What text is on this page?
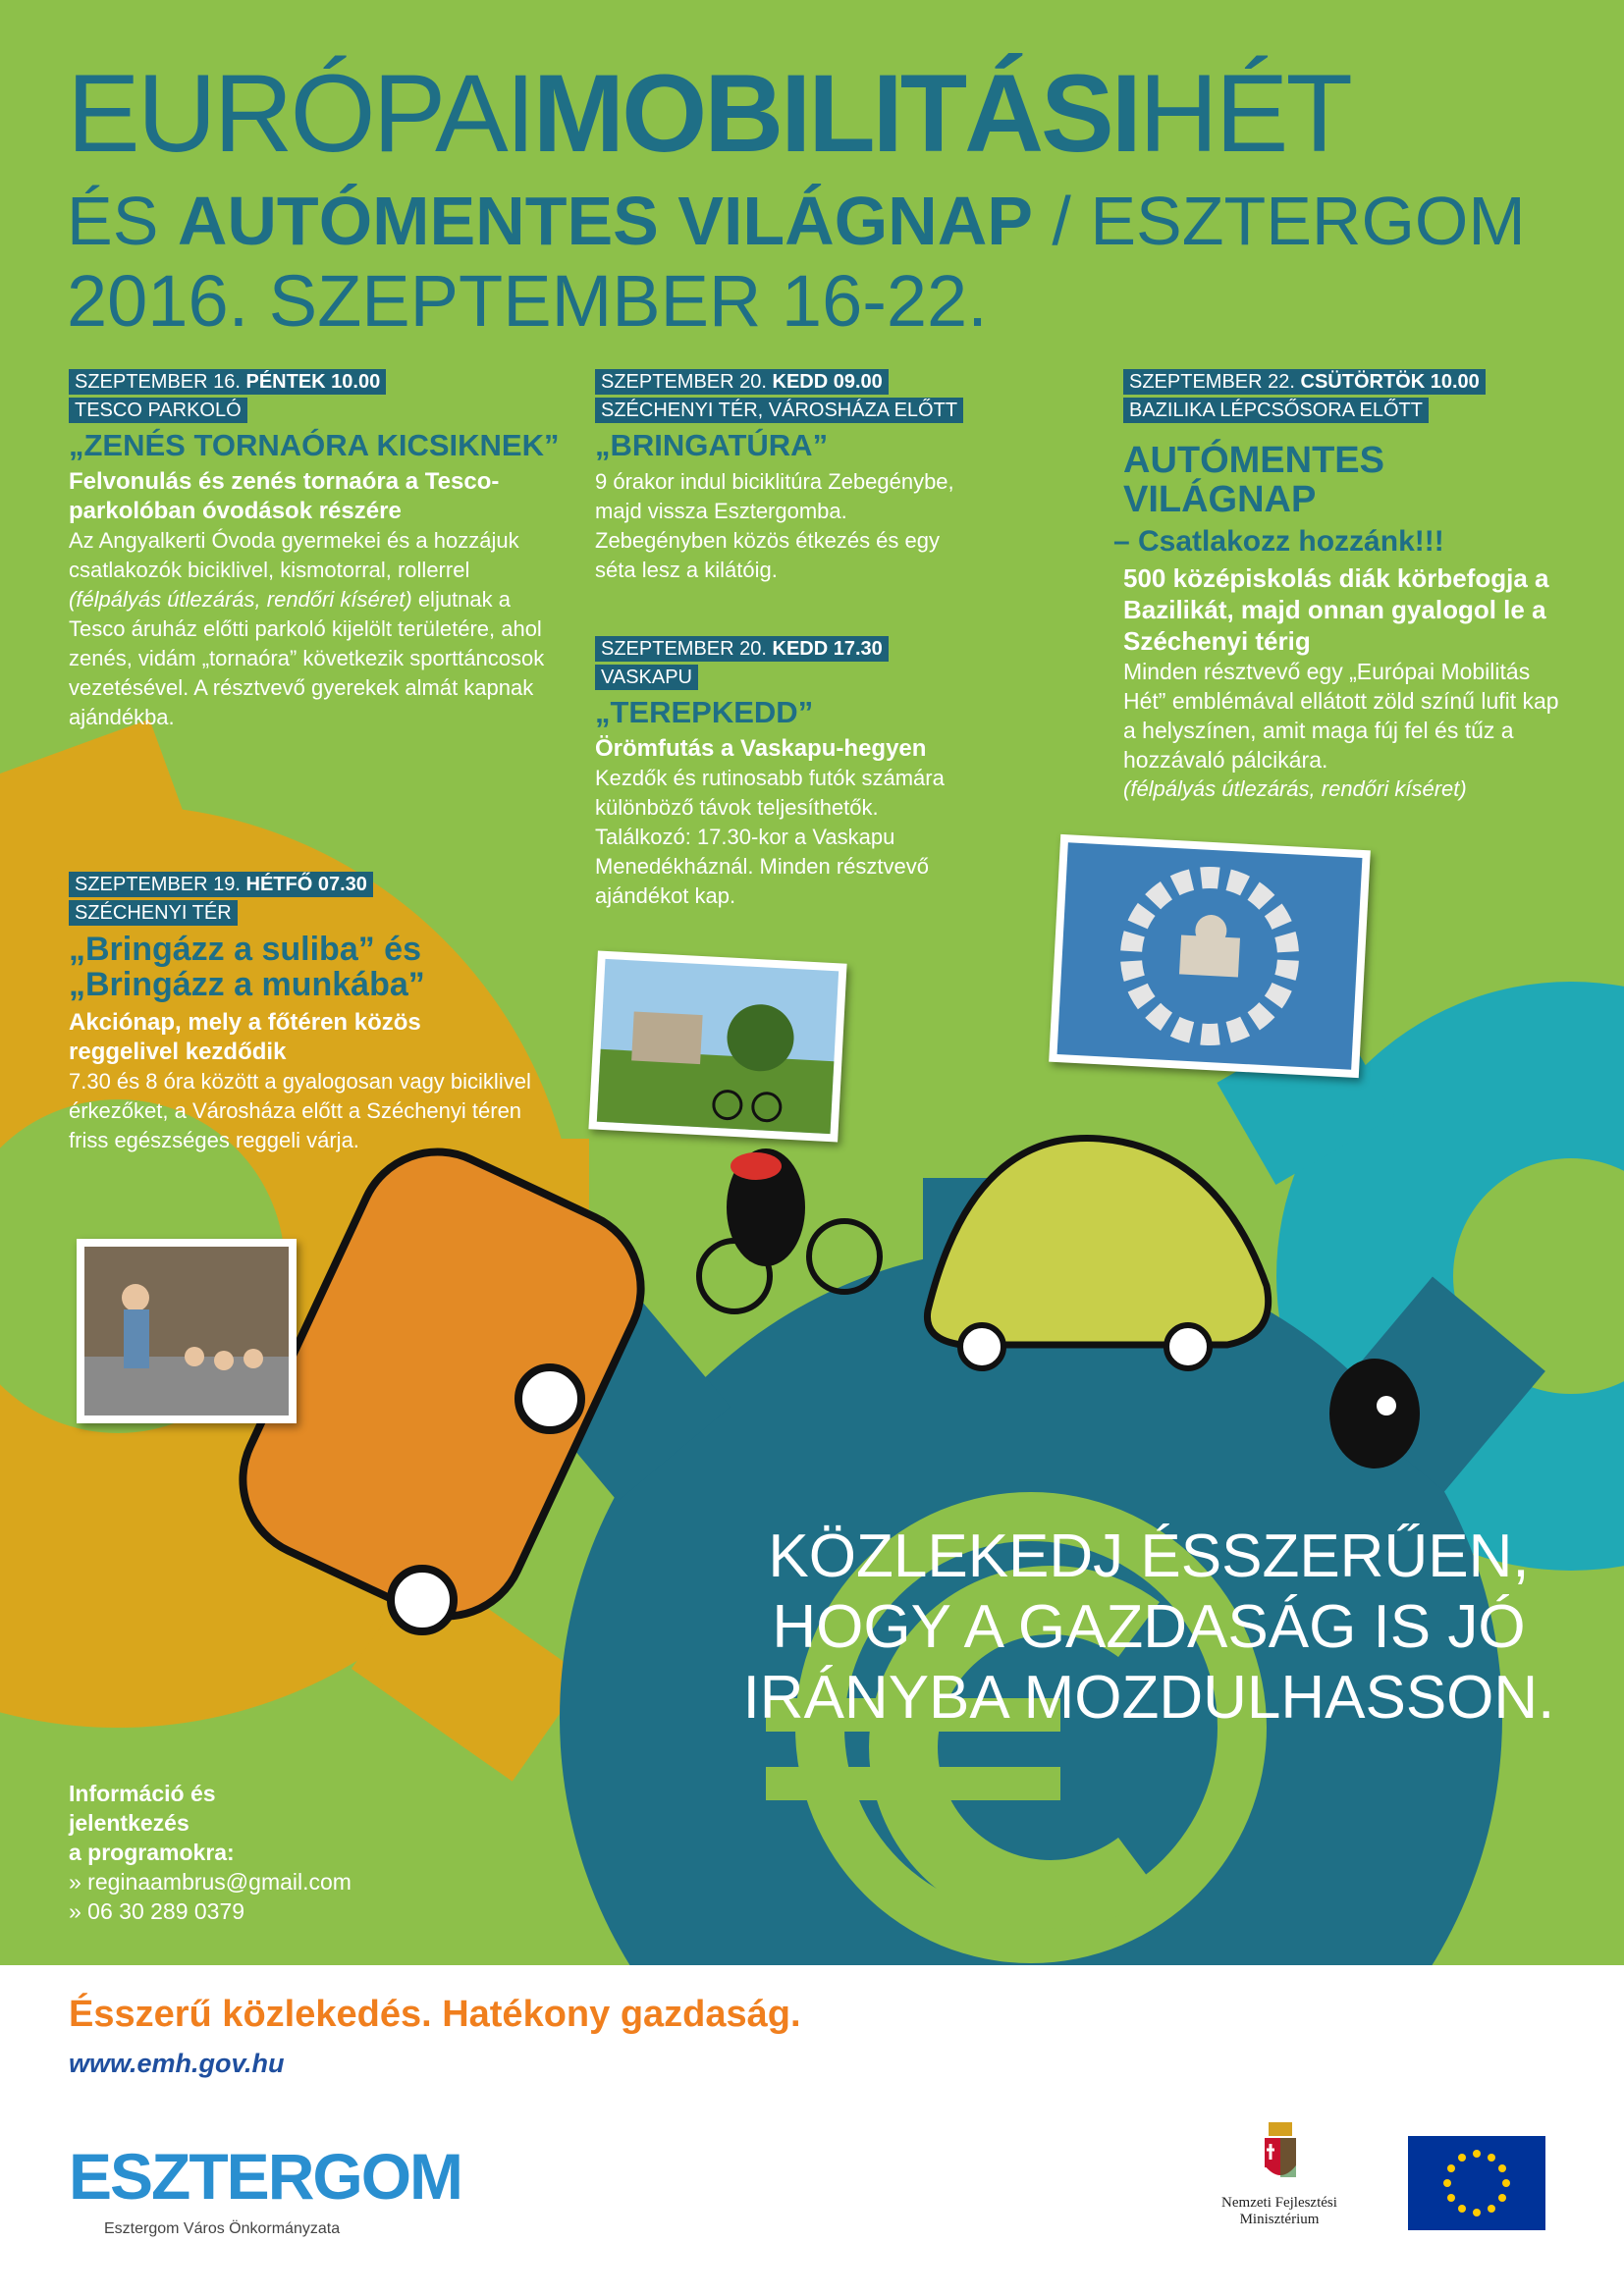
EURÓPAIMOBILITÁSIHÉT
ÉS AUTÓMENTES VILÁGNAP / ESZTERGOM
2016. SZEPTEMBER 16-22.
SZEPTEMBER 16. PÉNTEK 10.00
TESCO PARKOLÓ
„ZENÉS TORNAÓRA KICSIKNEK”
Felvonulás és zenés tornaóra a Tesco-parkolóban óvodások részére
Az Angyalkerti Óvoda gyermekei és a hozzájuk csatlakozók biciklivel, kismotorral, rollerrel (félpályás útlezárás, rendőri kíséret) eljutnak a Tesco áruház előtti parkoló kijelölt területére, ahol zenés, vidám „tornaóra” következik sporttáncosok vezetésével. A résztvevő gyerekek almát kapnak ajándékba.
SZEPTEMBER 19. HÉTFŐ 07.30
SZÉCHENYI TÉR
„Bringázz a suliba” és „Bringázz a munkába”
Akciónap, mely a főtéren közös reggelivel kezdődik
7.30 és 8 óra között a gyalogosan vagy biciklivel érkezőket, a Városháza előtt a Széchenyi téren friss egészséges reggeli várja.
SZEPTEMBER 20. KEDD 09.00
SZÉCHENYI TÉR, VÁROSHÁZA ELŐTT
„BRINGATÚRA”
9 órakor indul biciklitúra Zebegénybe, majd vissza Esztergomba. Zebegényben közös étkezés és egy séta lesz a kilátóig.
SZEPTEMBER 20. KEDD 17.30
VASKAPU
„TEREPKEDD”
Örömfutás a Vaskapu-hegyen
Kezdők és rutinosabb futók számára különböző távok teljesíthetők. Találkozó: 17.30-kor a Vaskapu Menedékháznál. Minden résztvevő ajándékot kap.
SZEPTEMBER 22. CSÜTÖRTÖK 10.00
BAZILIKA LÉPCSŐSORA ELŐTT
AUTÓMENTES VILÁGNAP
– Csatlakozz hozzánk!!!
500 középiskolás diák körbefogja a Bazilikát, majd onnan gyalogol le a Széchenyi térig
Minden résztvevő egy „Európai Mobilitás Hét” emblémával ellátott zöld színű lufit kap a helyszínen, amit maga fúj fel és tűz a hozzávaló pálcikára.
(félpályás útlezárás, rendőri kíséret)
KÖZLEKEDJ ÉSSZERŰEN, HOGY A GAZDASÁG IS JÓ IRÁNYBA MOZDULHASSON.
Információ és
jelentkezés
a programokra:
» reginaambrus@gmail.com
» 06 30 289 0379
Ésszerű közlekedés. Hatékony gazdaság.
www.emh.gov.hu
ESZTERGOM
Esztergom Város Önkormányzata
Nemzeti Fejlesztési
Minisztérium
